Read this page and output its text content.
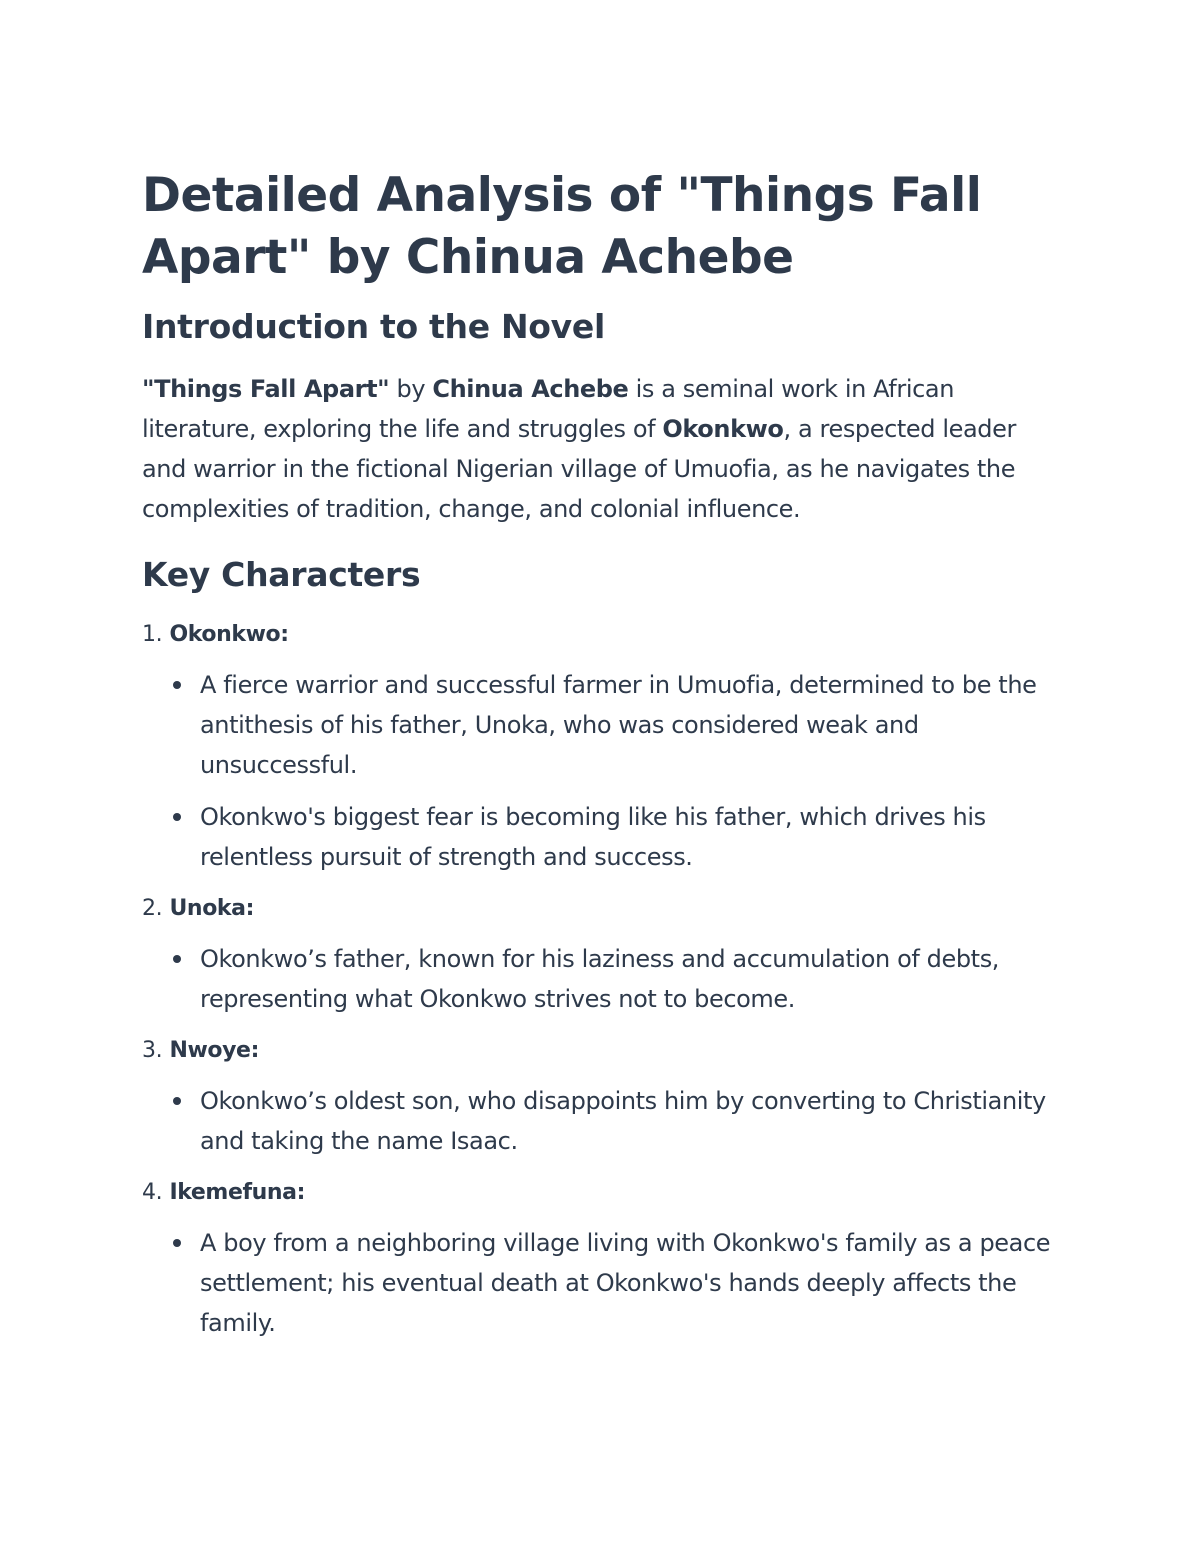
Detailed Analysis of "Things Fall Apart" by Chinua Achebe
Introduction to the Novel

"Things Fall Apart" by Chinua Achebe is a seminal work in African literature, exploring the life and struggles of Okonkwo, a respected leader and warrior in the fictional Nigerian village of Umuofia, as he navigates the complexities of tradition, change, and colonial influence.

Key Characters
1. Okonkwo:
A fierce warrior and successful farmer in Umuofia, determined to be the antithesis of his father, Unoka, who was considered weak and unsuccessful.
Okonkwo's biggest fear is becoming like his father, which drives his relentless pursuit of strength and success.
2. Unoka:
Okonkwo’s father, known for his laziness and accumulation of debts, representing what Okonkwo strives not to become.
3. Nwoye:
Okonkwo’s oldest son, who disappoints him by converting to Christianity and taking the name Isaac.
4. Ikemefuna:
A boy from a neighboring village living with Okonkwo's family as a peace settlement; his eventual death at Okonkwo's hands deeply affects the family.
